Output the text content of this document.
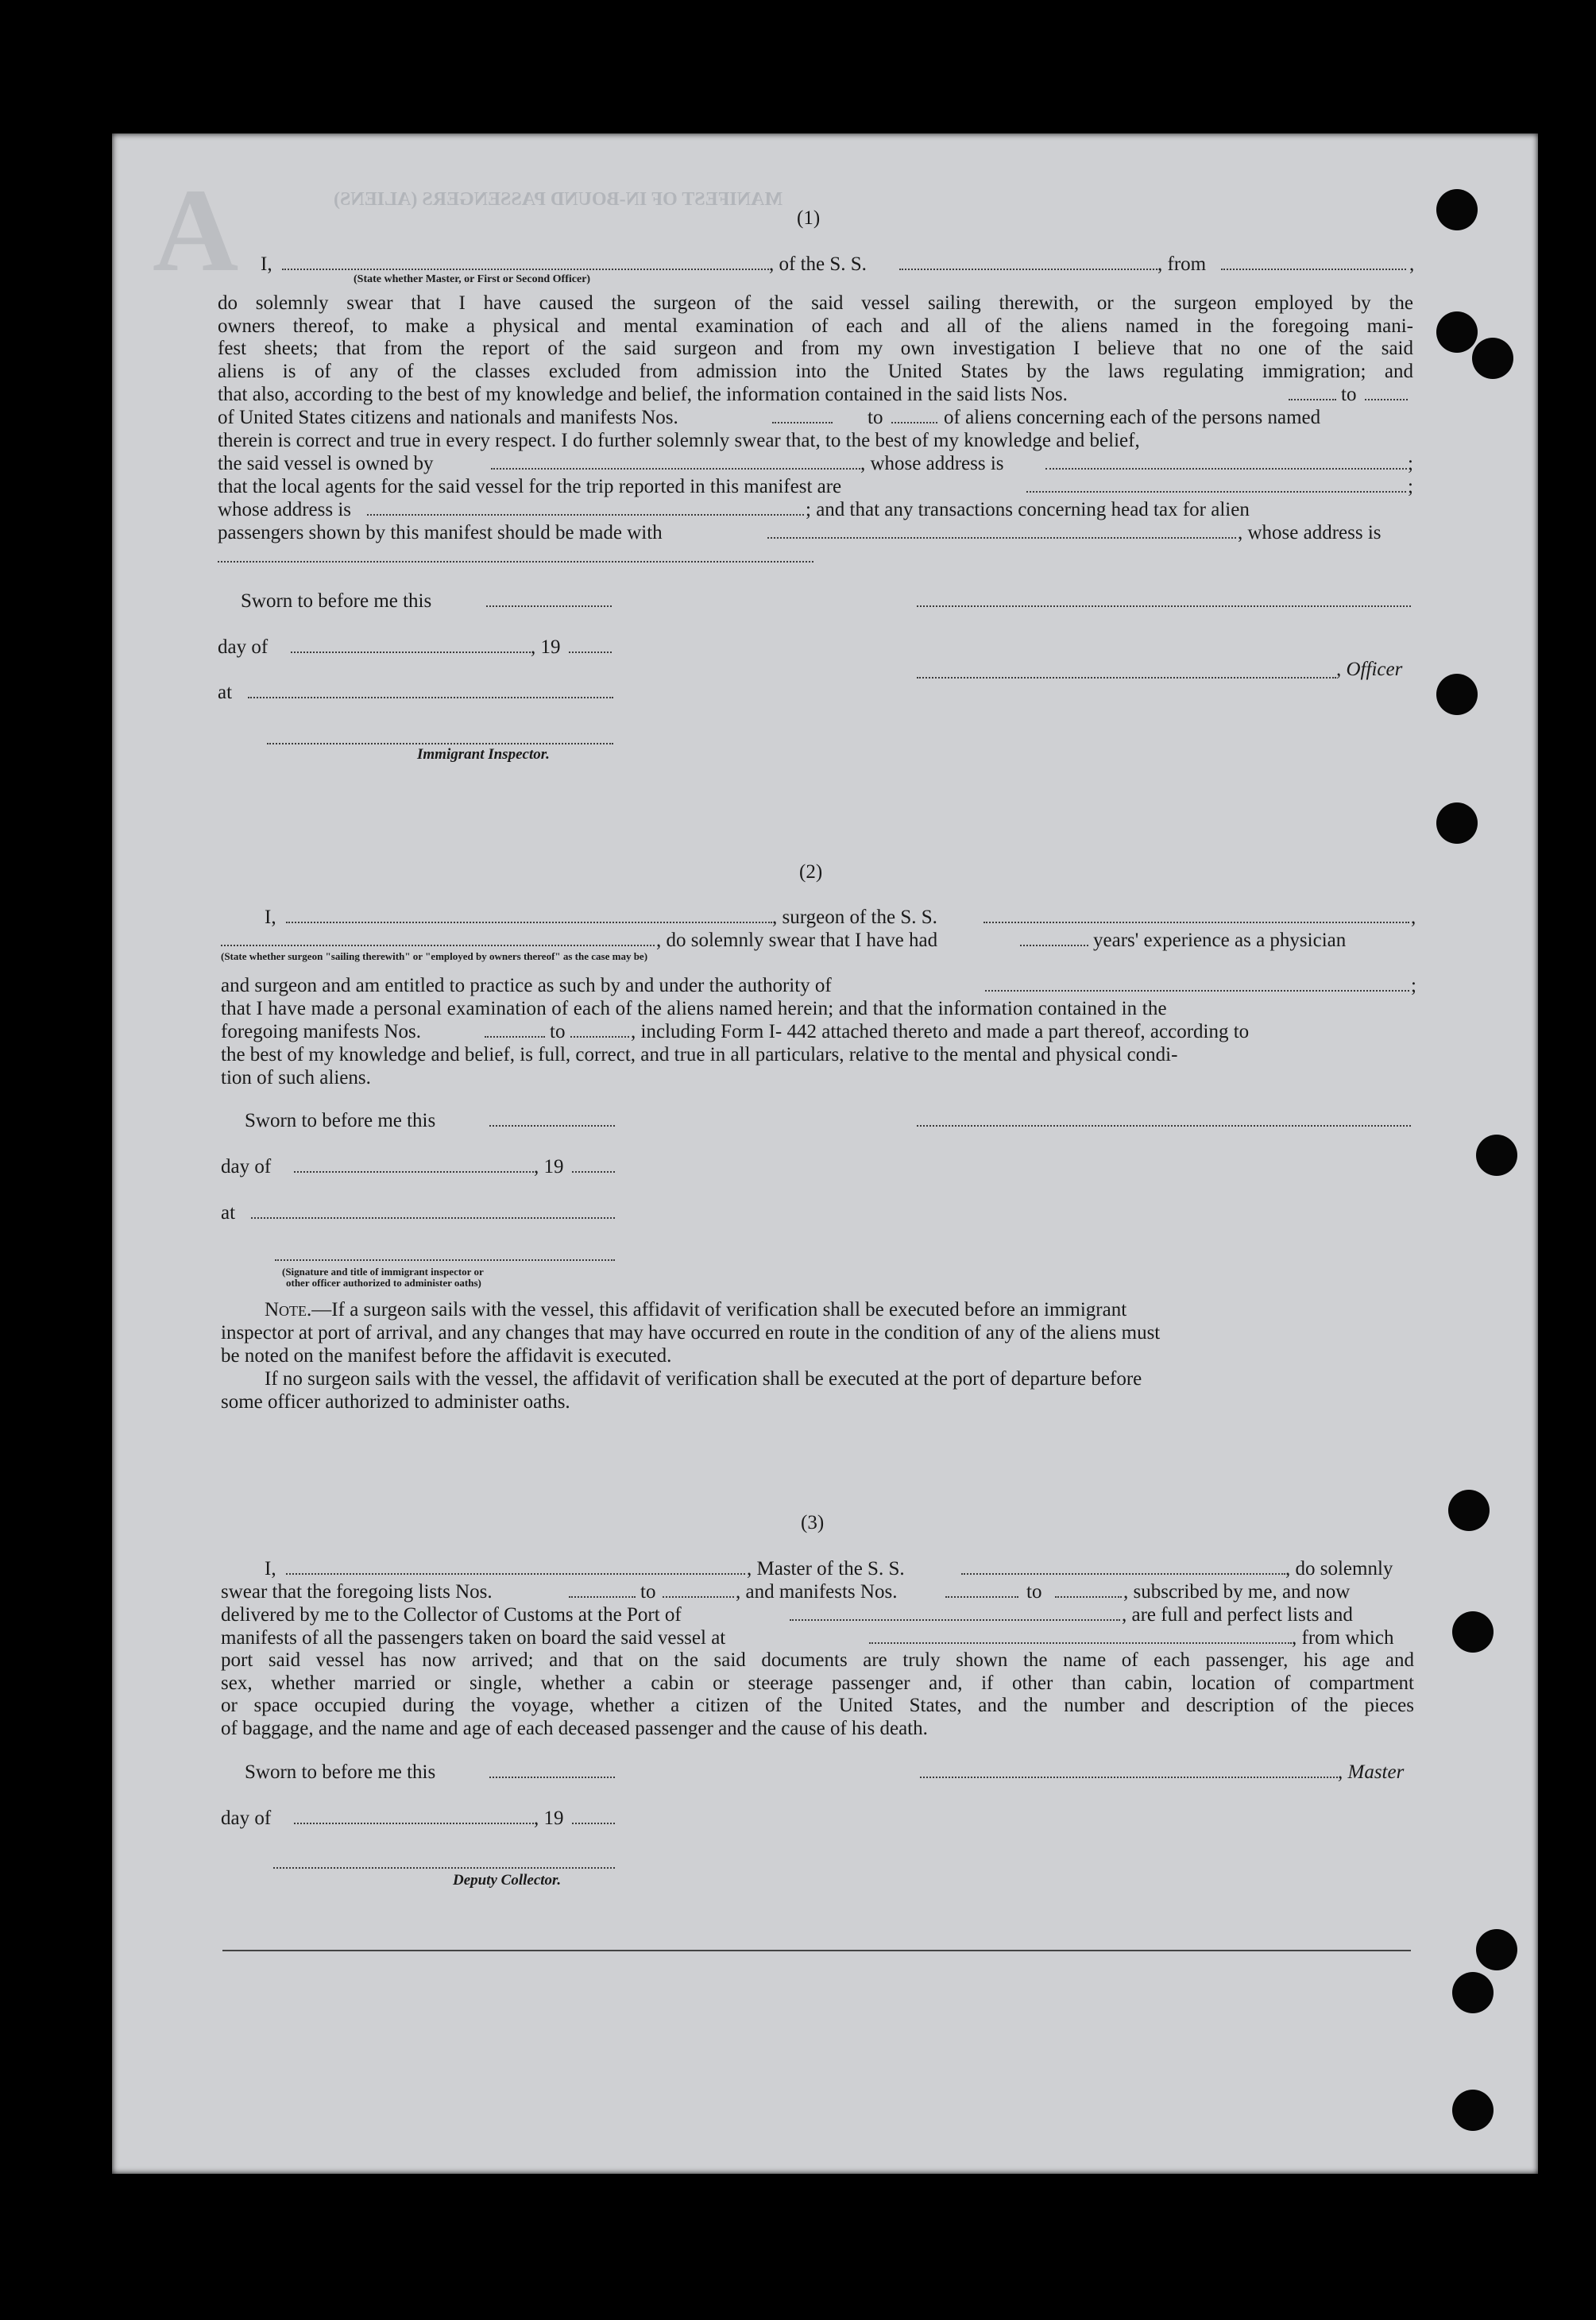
A	MANIFEST OF IN-BOUND PASSENGERS (ALIENS)
(1)
I,
(State whether Master, or First or Second Officer)
, of the S. S.	, from	,
do solemnly swear that I have caused the surgeon of the said vessel sailing therewith, or the surgeon employed by the
owners thereof, to make a physical and mental examination of each and all of the aliens named in the foregoing mani-
fest sheets; that from the report of the said surgeon and from my own investigation I believe that no one of the said
aliens is of any of the classes excluded from admission into the United States by the laws regulating immigration; and
that also, according to the best of my knowledge and belief, the information contained in the said lists Nos.	to
of United States citizens and nationals and manifests Nos.	to	of aliens concerning each of the persons named
therein is correct and true in every respect. I do further solemnly swear that, to the best of my knowledge and belief,
the said vessel is owned by	, whose address is	;
that the local agents for the said vessel for the trip reported in this manifest are	;
whose address is	; and that any transactions concerning head tax for alien
passengers shown by this manifest should be made with	, whose address is
Sworn to before me this
day of	, 19
, Officer
at
Immigrant Inspector.
(2)
I,	, surgeon of the S. S.	,
, do solemnly swear that I have had	years' experience as a physician
(State whether surgeon "sailing therewith" or "employed by owners thereof" as the case may be)
and surgeon and am entitled to practice as such by and under the authority of	;
that I have made a personal examination of each of the aliens named herein; and that the information contained in the
foregoing manifests Nos.	to	, including Form I- 442 attached thereto and made a part thereof, according to
the best of my knowledge and belief, is full, correct, and true in all particulars, relative to the mental and physical condi-
tion of such aliens.
Sworn to before me this
day of	, 19
at
(Signature and title of immigrant inspector or
other officer authorized to administer oaths)
Note.—If a surgeon sails with the vessel, this affidavit of verification shall be executed before an immigrant
inspector at port of arrival, and any changes that may have occurred en route in the condition of any of the aliens must
be noted on the manifest before the affidavit is executed.
If no surgeon sails with the vessel, the affidavit of verification shall be executed at the port of departure before
some officer authorized to administer oaths.
(3)
I,	, Master of the S. S.	, do solemnly
swear that the foregoing lists Nos.	to	, and manifests Nos.	to	, subscribed by me, and now
delivered by me to the Collector of Customs at the Port of	, are full and perfect lists and
manifests of all the passengers taken on board the said vessel at	, from which
port said vessel has now arrived; and that on the said documents are truly shown the name of each passenger, his age and
sex, whether married or single, whether a cabin or steerage passenger and, if other than cabin, location of compartment
or space occupied during the voyage, whether a citizen of the United States, and the number and description of the pieces
of baggage, and the name and age of each deceased passenger and the cause of his death.
Sworn to before me this	, Master
day of	, 19
Deputy Collector.
